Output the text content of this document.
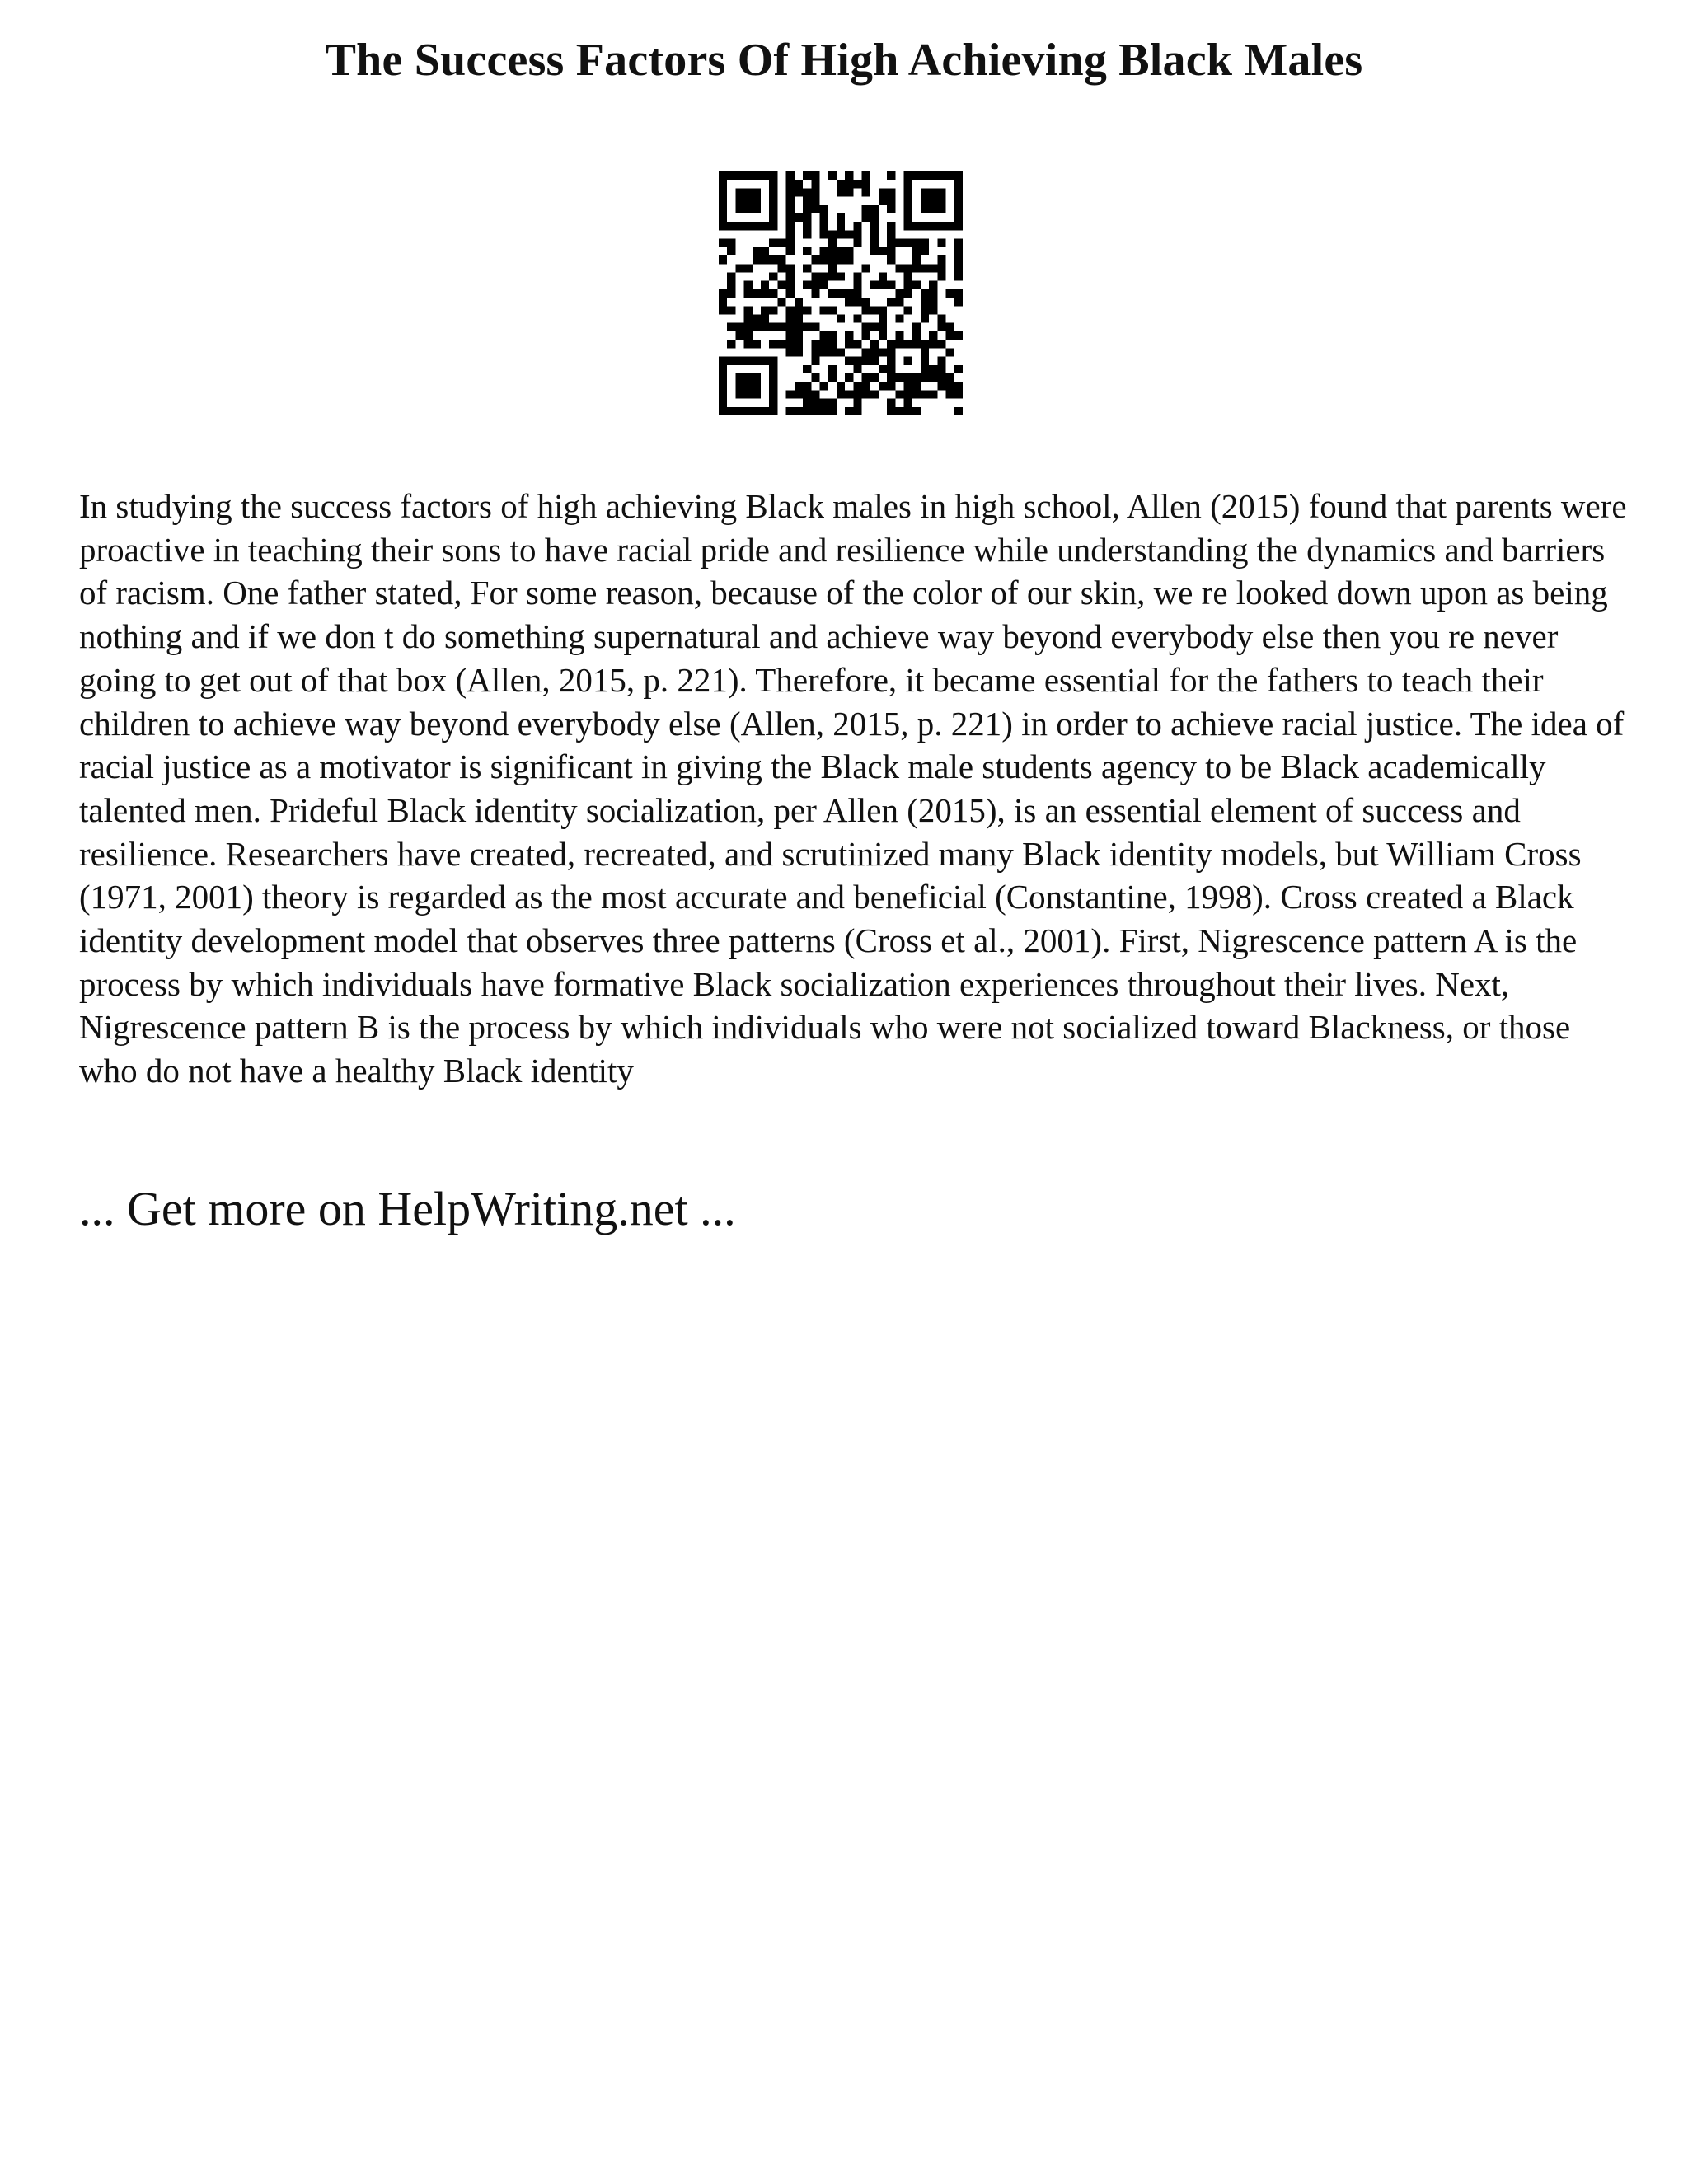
The Success Factors Of High Achieving Black Males

In studying the success factors of high achieving Black males in high school, Allen (2015) found that parents were proactive in teaching their sons to have racial pride and resilience while understanding the dynamics and barriers of racism. One father stated, For some reason, because of the color of our skin, we re looked down upon as being nothing and if we don t do something supernatural and achieve way beyond everybody else then you re never going to get out of that box (Allen, 2015, p. 221). Therefore, it became essential for the fathers to teach their children to achieve way beyond everybody else (Allen, 2015, p. 221) in order to achieve racial justice. The idea of racial justice as a motivator is significant in giving the Black male students agency to be Black academically talented men. Prideful Black identity socialization, per Allen (2015), is an essential element of success and resilience. Researchers have created, recreated, and scrutinized many Black identity models, but William Cross (1971, 2001) theory is regarded as the most accurate and beneficial (Constantine, 1998). Cross created a Black identity development model that observes three patterns (Cross et al., 2001). First, Nigrescence pattern A is the process by which individuals have formative Black socialization experiences throughout their lives. Next, Nigrescence pattern B is the process by which individuals who were not socialized toward Blackness, or those who do not have a healthy Black identity

... Get more on HelpWriting.net ...
